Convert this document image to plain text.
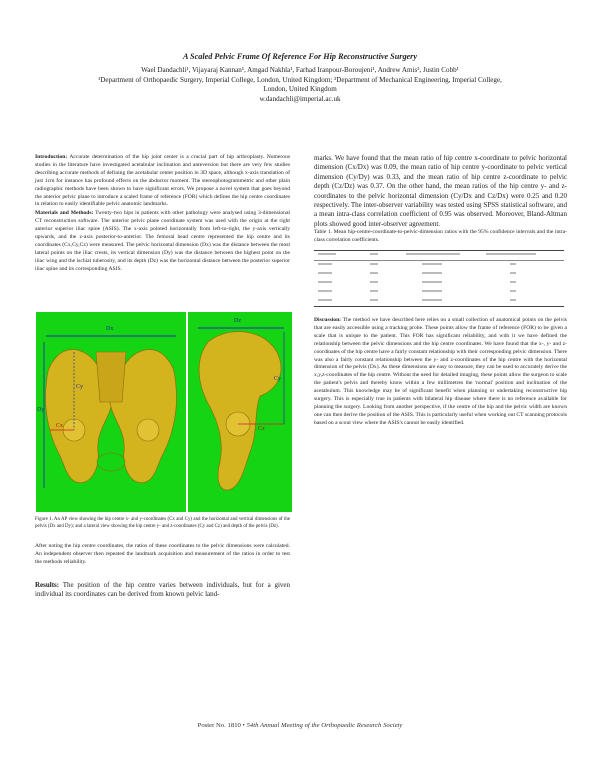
A Scaled Pelvic Frame Of Reference For Hip Reconstructive Surgery
Wael Dandachli¹, Vijayaraj Kannan¹, Amgad Nakhla¹, Farhad Iranpour-Boroujeni¹, Andrew Amis², Justin Cobb¹
¹Department of Orthopaedic Surgery, Imperial College, London, United Kingdom; ²Department of Mechanical Engineering, Imperial College,
London, United Kingdom
w.dandachli@imperial.ac.uk

Introduction: Accurate determination of the hip joint center is a crucial part of hip arthroplasty. Numerous studies in the literature have investigated acetabular inclination and anteversion but there are very few studies describing accurate methods of defining the acetabular center position in 3D space, although x-axis translation of just 1cm for instance has profound effects on the abductor moment. The stereophotogrammetric and other plain radiographic methods have been shown to have significant errors. We propose a novel system that goes beyond the anterior pelvic plane to introduce a scaled frame of reference (FOR) which defines the hip centre coordinates in relation to easily identifiable pelvic anatomic landmarks.

Materials and Methods: Twenty-two hips in patients with other pathology were analysed using 3-dimensional CT reconstruction software. The anterior pelvic plane coordinate system was used with the origin at the right anterior superior iliac spine (ASIS). The x-axis pointed horizontally from left-to-right, the y-axis vertically upwards, and the z-axis posterior-to-anterior. The femoral head centre represented the hip centre and its coordinates (Cx,Cy,Cz) were measured. The pelvic horizontal dimension (Dx) was the distance between the most lateral points on the iliac crests, its vertical dimension (Dy) was the distance between the highest point on the iliac wing and the ischial tuberosity, and its depth (Dz) was the horizontal distance between the posterior superior iliac spine and its corresponding ASIS.

Dx
Dy
Cx
Cy
Dz
Cz
Cy
Figure 1. An AP view showing the hip centre x- and y-coordinates (Cx and Cy) and the horizontal and vertical dimensions of the pelvis (Dx and Dy); and a lateral view showing the hip centre y- and z-coordinates (Cy and Cz) and depth of the pelvis (Dz).
After noting the hip centre coordinates, the ratios of these coordinates to the pelvic dimensions were calculated. An independent observer then repeated the landmark acquisition and measurement of the ratios in order to test the methods reliability.
Results: The position of the hip centre varies between individuals, but for a given individual its coordinates can be derived from known pelvic land-
Discussion: The method we have described here relies on a small collection of anatomical points on the pelvis that are easily accessible using a tracking probe. These points allow the frame of reference (FOR) to be given a scale that is unique to the patient. This FOR has significant reliability, and with it we have defined the relationship between the pelvic dimensions and the hip centre coordinates. We have found that the x-, y- and z-coordinates of the hip centre have a fairly constant relationship with their corresponding pelvic dimension. There was also a fairly constant relationship between the y- and z-coordinates of the hip centre with the horizontal dimension of the pelvis (Dx). As these dimensions are easy to measure, they can be used to accurately derive the x,y,z-coordinates of the hip centre. Without the need for detailed imaging, these points allow the surgeon to scale the patient's pelvis and thereby know within a few millimetres the 'normal' position and inclination of the acetabulum. This knowledge may be of significant benefit when planning or undertaking reconstructive hip surgery. This is especially true in patients with bilateral hip disease where there is no reference available for planning the surgery. Looking from another perspective, if the centre of the hip and the pelvic width are known one can then derive the position of the ASIS. This is particularly useful when working out CT scanning protocols based on a scout view where the ASIS's cannot be easily identified.
Poster No. 1810 • 54th Annual Meeting of the Orthopaedic Research Society

marks. We have found that the mean ratio of hip centre x-coordinate to pelvic horizontal dimension (Cx/Dx) was 0.09, the mean ratio of hip centre y-coordinate to pelvic vertical dimension (Cy/Dy) was 0.33, and the mean ratio of hip centre z-coordinate to pelvic depth (Cz/Dz) was 0.37. On the other hand, the mean ratios of the hip centre y- and z-coordinates to the pelvic horizontal dimension (Cy/Dx and Cz/Dx) were 0.25 and 0.20 respectively. The inter-observer variability was tested using SPSS statistical software, and a mean intra-class correlation coefficient of 0.95 was observed. Moreover, Bland-Altman plots showed good inter-observer agreement.

Table 1. Mean hip-centre-coordinate-to-pelvic-dimension ratios with the 95% confidence intervals and the intra-class correlation coefficients.
